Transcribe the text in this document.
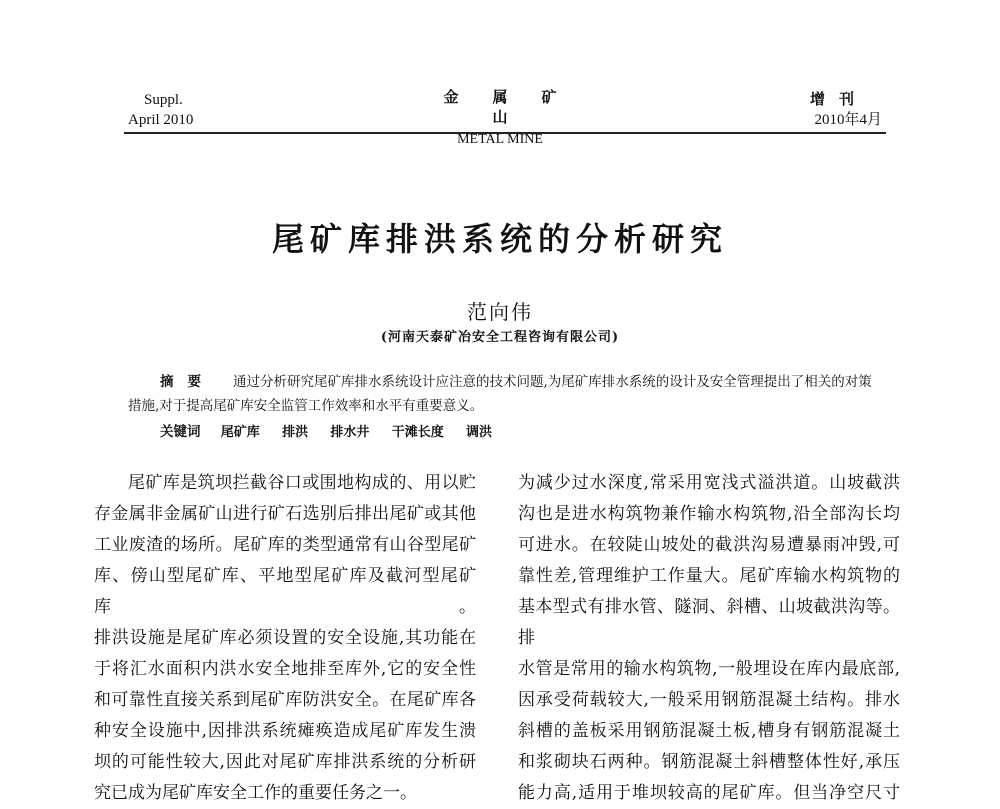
Suppl.
April 2010
金属矿山
METAL MINE
增刊
2010年4月
尾矿库排洪系统的分析研究
范向伟
(河南天泰矿冶安全工程咨询有限公司)
摘要 通过分析研究尾矿库排水系统设计应注意的技术问题,为尾矿库排水系统的设计及安全管理提出了相关的对策措施,对于提高尾矿库安全监管工作效率和水平有重要意义。
关键词 尾矿库 排洪 排水井 干滩长度 调洪

尾矿库是筑坝拦截谷口或围地构成的、用以贮

存金属非金属矿山进行矿石选别后排出尾矿或其他

工业废渣的场所。尾矿库的类型通常有山谷型尾矿

库、傍山型尾矿库、平地型尾矿库及截河型尾矿库。

排洪设施是尾矿库必须设置的安全设施,其功能在

于将汇水面积内洪水安全地排至库外,它的安全性

和可靠性直接关系到尾矿库防洪安全。在尾矿库各

种安全设施中,因排洪系统瘫痪造成尾矿库发生溃

坝的可能性较大,因此对尾矿库排洪系统的分析研

究已成为尾矿库安全工作的重要任务之一。

为减少过水深度,常采用宽浅式溢洪道。山坡截洪

沟也是进水构筑物兼作输水构筑物,沿全部沟长均

可进水。在较陡山坡处的截洪沟易遭暴雨冲毁,可

靠性差,管理维护工作量大。尾矿库输水构筑物的

基本型式有排水管、隧洞、斜槽、山坡截洪沟等。排

水管是常用的输水构筑物,一般埋设在库内最底部,

因承受荷载较大,一般采用钢筋混凝土结构。排水

斜槽的盖板采用钢筋混凝土板,槽身有钢筋混凝土

和浆砌块石两种。钢筋混凝土斜槽整体性好,承压

能力高,适用于堆坝较高的尾矿库。但当净空尺寸
